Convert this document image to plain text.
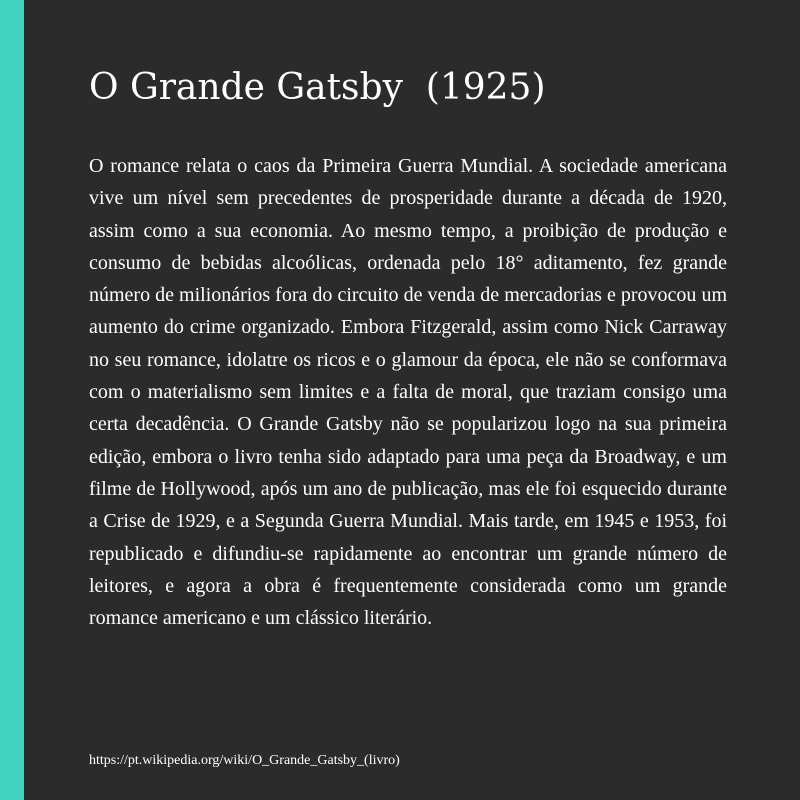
O Grande Gatsby  (1925)

O romance relata o caos da Primeira Guerra Mundial. A sociedade americana vive um nível sem precedentes de prosperidade durante a década de 1920, assim como a sua economia. Ao mesmo tempo, a proibição de produção e consumo de bebidas alcoólicas, ordenada pelo 18° aditamento, fez grande número de milionários fora do circuito de venda de mercadorias e provocou um aumento do crime organizado. Embora Fitzgerald, assim como Nick Carraway no seu romance, idolatre os ricos e o glamour da época, ele não se conformava com o materialismo sem limites e a falta de moral, que traziam consigo uma certa decadência. O Grande Gatsby não se popularizou logo na sua primeira edição, embora o livro tenha sido adaptado para uma peça da Broadway, e um filme de Hollywood, após um ano de publicação, mas ele foi esquecido durante a Crise de 1929, e a Segunda Guerra Mundial. Mais tarde, em 1945 e 1953, foi republicado e difundiu-se rapidamente ao encontrar um grande número de leitores, e agora a obra é frequentemente considerada como um grande romance americano e um clássico literário.

https://pt.wikipedia.org/wiki/O_Grande_Gatsby_(livro)
